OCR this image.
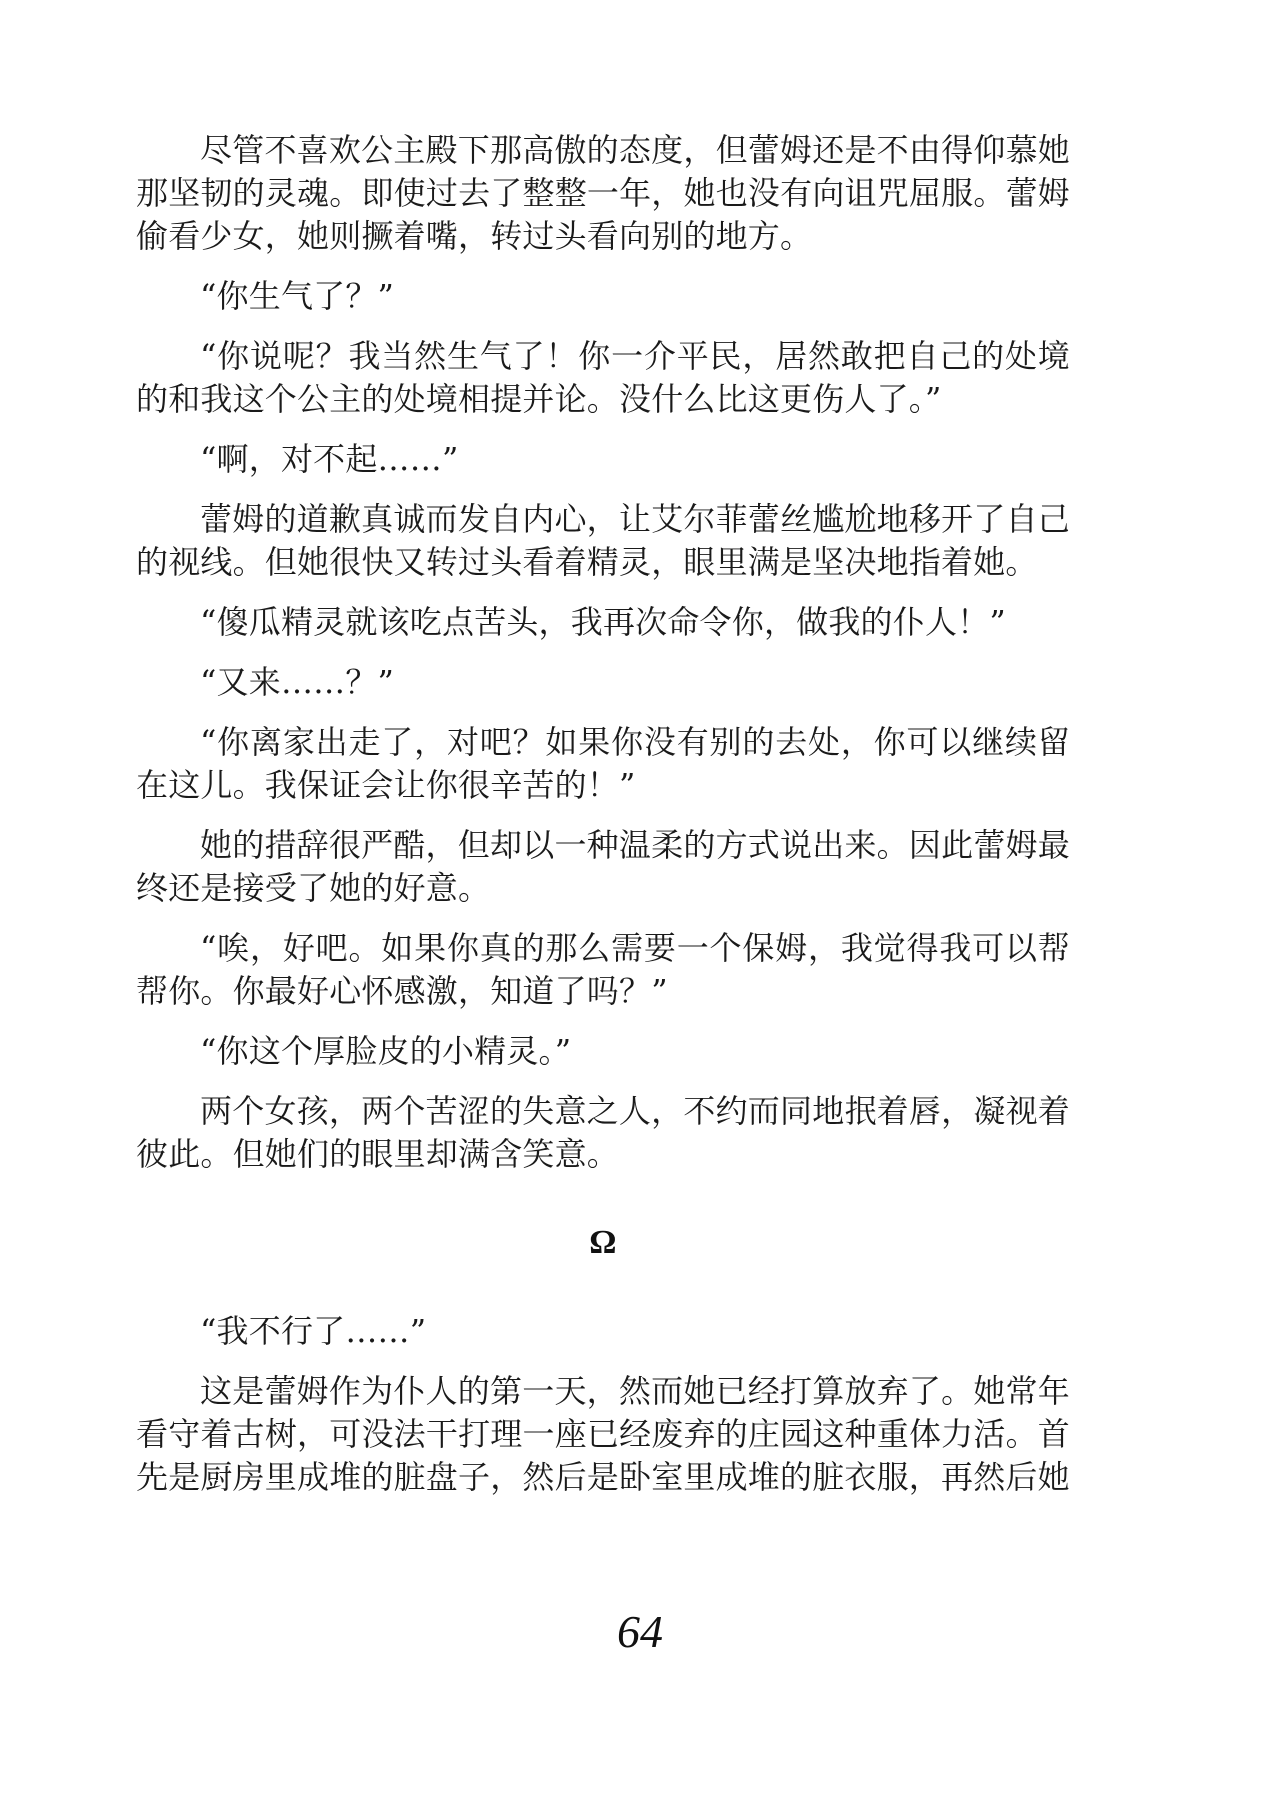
尽管不喜欢公主殿下那高傲的态度，但蕾姆还是不由得仰慕她那坚韧的灵魂。即使过去了整整一年，她也没有向诅咒屈服。蕾姆偷看少女，她则撅着嘴，转过头看向别的地方。

“你生气了？”

“你说呢？我当然生气了！你一介平民，居然敢把自己的处境的和我这个公主的处境相提并论。没什么比这更伤人了。”

“啊，对不起……”

蕾姆的道歉真诚而发自内心，让艾尔菲蕾丝尴尬地移开了自己的视线。但她很快又转过头看着精灵，眼里满是坚决地指着她。

“傻瓜精灵就该吃点苦头，我再次命令你，做我的仆人！”

“又来……？”

“你离家出走了，对吧？如果你没有别的去处，你可以继续留在这儿。我保证会让你很辛苦的！”

她的措辞很严酷，但却以一种温柔的方式说出来。因此蕾姆最终还是接受了她的好意。

“唉，好吧。如果你真的那么需要一个保姆，我觉得我可以帮帮你。你最好心怀感激，知道了吗？”

“你这个厚脸皮的小精灵。”

两个女孩，两个苦涩的失意之人，不约而同地抿着唇，凝视着彼此。但她们的眼里却满含笑意。

Ω

“我不行了……”

这是蕾姆作为仆人的第一天，然而她已经打算放弃了。她常年看守着古树，可没法干打理一座已经废弃的庄园这种重体力活。首先是厨房里成堆的脏盘子，然后是卧室里成堆的脏衣服，再然后她

64
